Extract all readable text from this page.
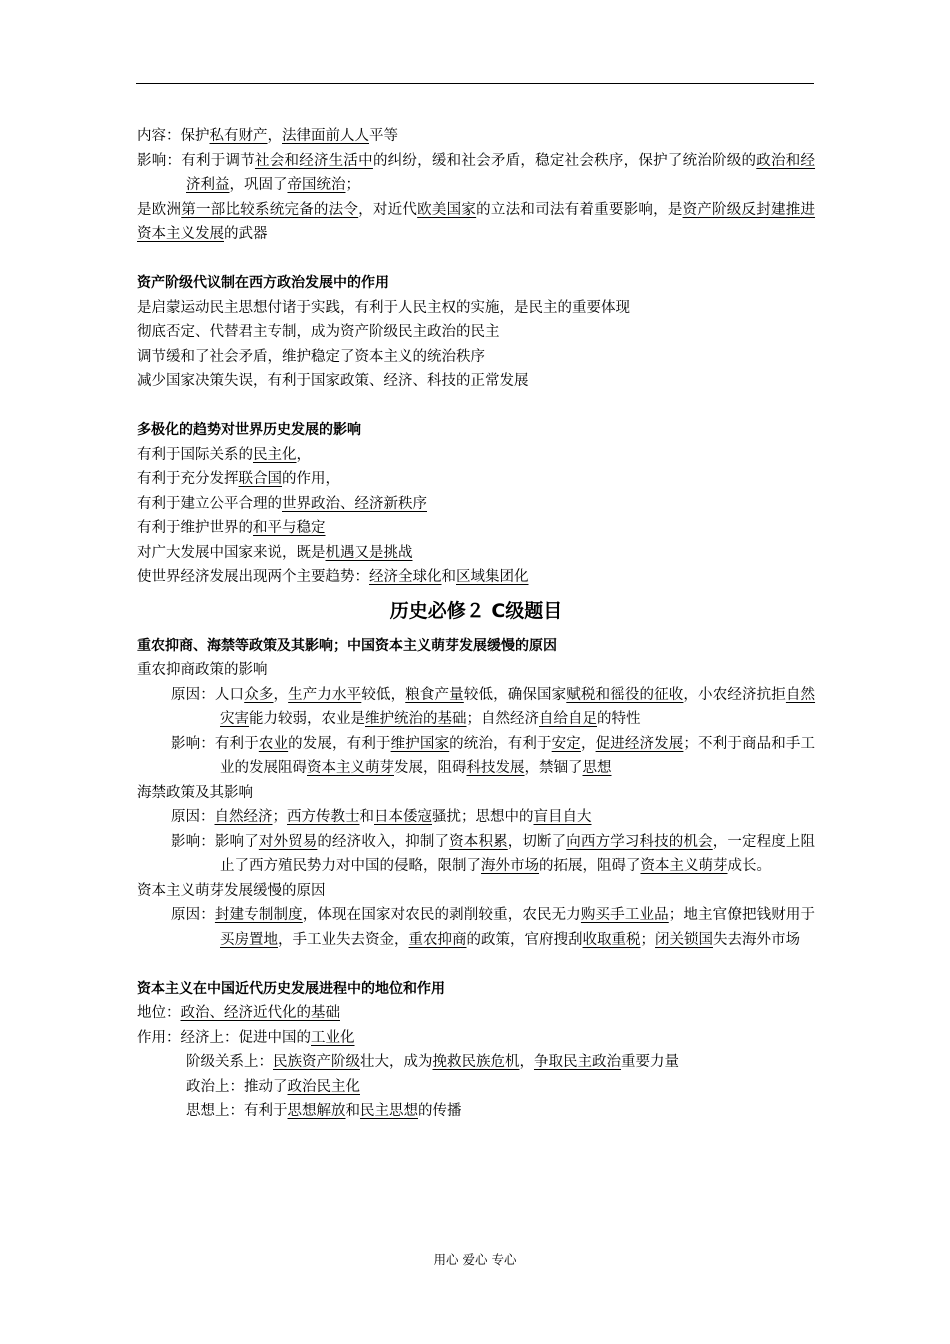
内容：保护私有财产，法律面前人人平等

影响：有利于调节社会和经济生活中的纠纷，缓和社会矛盾，稳定社会秩序，保护了统治阶级的政治和经济利益，巩固了帝国统治；

是欧洲第一部比较系统完备的法令，对近代欧美国家的立法和司法有着重要影响，是资产阶级反封建推进资本主义发展的武器

资产阶级代议制在西方政治发展中的作用

是启蒙运动民主思想付诸于实践，有利于人民主权的实施，是民主的重要体现

彻底否定、代替君主专制，成为资产阶级民主政治的民主

调节缓和了社会矛盾，维护稳定了资本主义的统治秩序

减少国家决策失误，有利于国家政策、经济、科技的正常发展

多极化的趋势对世界历史发展的影响

有利于国际关系的民主化，

有利于充分发挥联合国的作用，

有利于建立公平合理的世界政治、经济新秩序

有利于维护世界的和平与稳定

对广大发展中国家来说，既是机遇又是挑战

使世界经济发展出现两个主要趋势：经济全球化和区域集团化

历史必修２ C级题目

重农抑商、海禁等政策及其影响；中国资本主义萌芽发展缓慢的原因

重农抑商政策的影响

原因：人口众多，生产力水平较低，粮食产量较低，确保国家赋税和徭役的征收，小农经济抗拒自然灾害能力较弱，农业是维护统治的基础；自然经济自给自足的特性

影响：有利于农业的发展，有利于维护国家的统治，有利于安定，促进经济发展；不利于商品和手工业的发展阻碍资本主义萌芽发展，阻碍科技发展，禁锢了思想

海禁政策及其影响

原因：自然经济；西方传教士和日本倭寇骚扰；思想中的盲目自大

影响：影响了对外贸易的经济收入，抑制了资本积累，切断了向西方学习科技的机会，一定程度上阻止了西方殖民势力对中国的侵略，限制了海外市场的拓展，阻碍了资本主义萌芽成长。

资本主义萌芽发展缓慢的原因

原因：封建专制制度，体现在国家对农民的剥削较重，农民无力购买手工业品；地主官僚把钱财用于买房置地，手工业失去资金，重农抑商的政策，官府搜刮收取重税；闭关锁国失去海外市场

资本主义在中国近代历史发展进程中的地位和作用

地位：政治、经济近代化的基础

作用：经济上：促进中国的工业化

阶级关系上：民族资产阶级壮大，成为挽救民族危机，争取民主政治重要力量

政治上：推动了政治民主化

思想上：有利于思想解放和民主思想的传播

用心 爱心 专心
